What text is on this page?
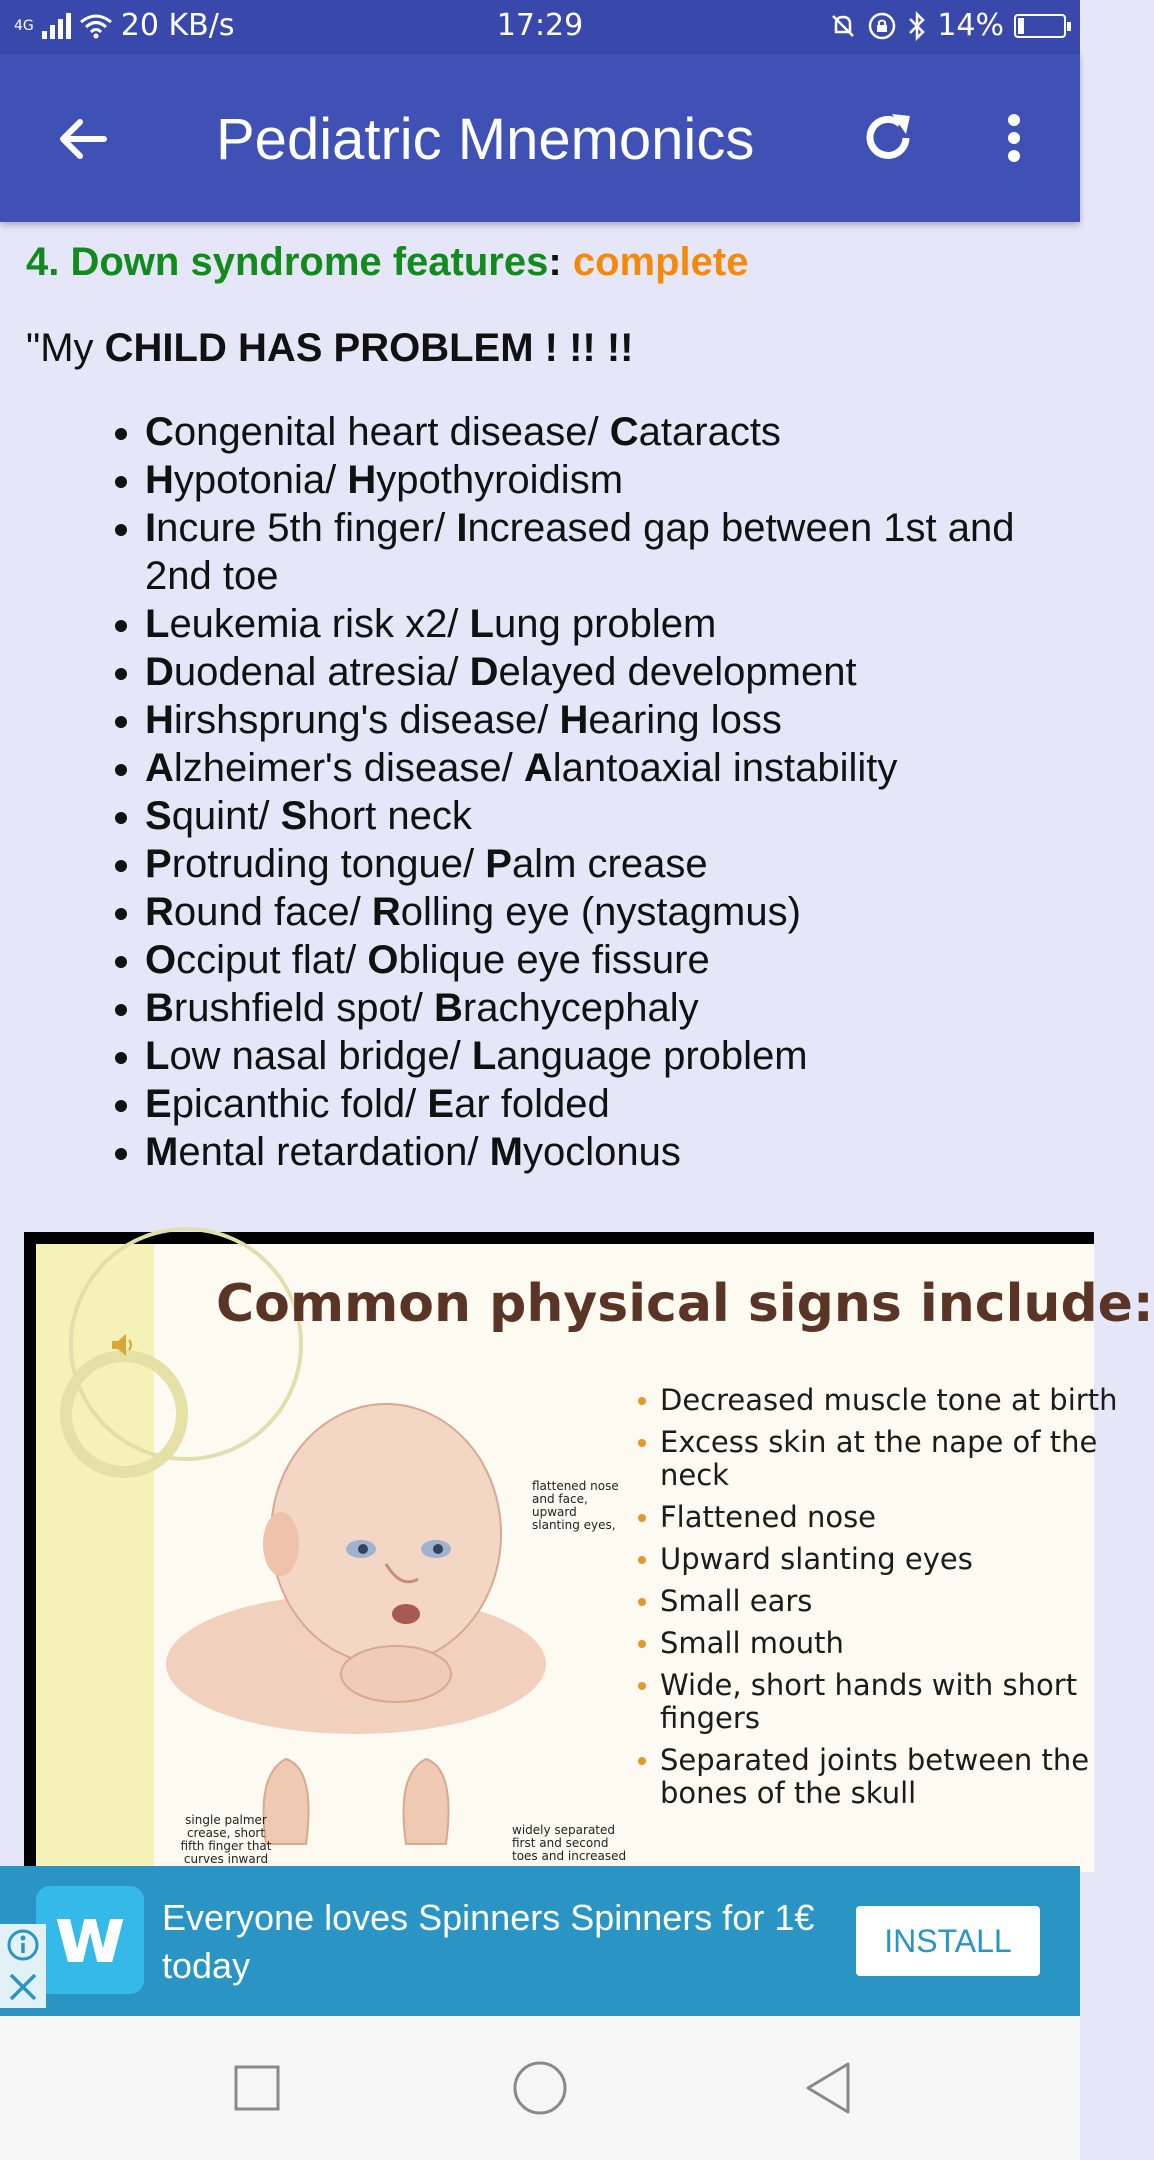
4G	20 KB/s	17:29	14%
Pediatric Mnemonics
4. Down syndrome features: complete
"My CHILD HAS PROBLEM ! !! !!
• Congenital heart disease/ Cataracts
• Hypotonia/ Hypothyroidism
• Incure 5th finger/ Increased gap between 1st and 2nd toe
• Leukemia risk x2/ Lung problem
• Duodenal atresia/ Delayed development
• Hirshsprung's disease/ Hearing loss
• Alzheimer's disease/ Alantoaxial instability
• Squint/ Short neck
• Protruding tongue/ Palm crease
• Round face/ Rolling eye (nystagmus)
• Occiput flat/ Oblique eye fissure
• Brushfield spot/ Brachycephaly
• Low nasal bridge/ Language problem
• Epicanthic fold/ Ear folded
• Mental retardation/ Myoclonus
Common physical signs include:
flattened nose and face, upward slanting eyes,
single palmer crease, short fifth finger that curves inward
widely separated first and second toes and increased
Decreased muscle tone at birth
Excess skin at the nape of the neck
Flattened nose
Upward slanting eyes
Small ears
Small mouth
Wide, short hands with short fingers
Separated joints between the bones of the skull
w Everyone loves Spinners Spinners for 1€ today
INSTALL
